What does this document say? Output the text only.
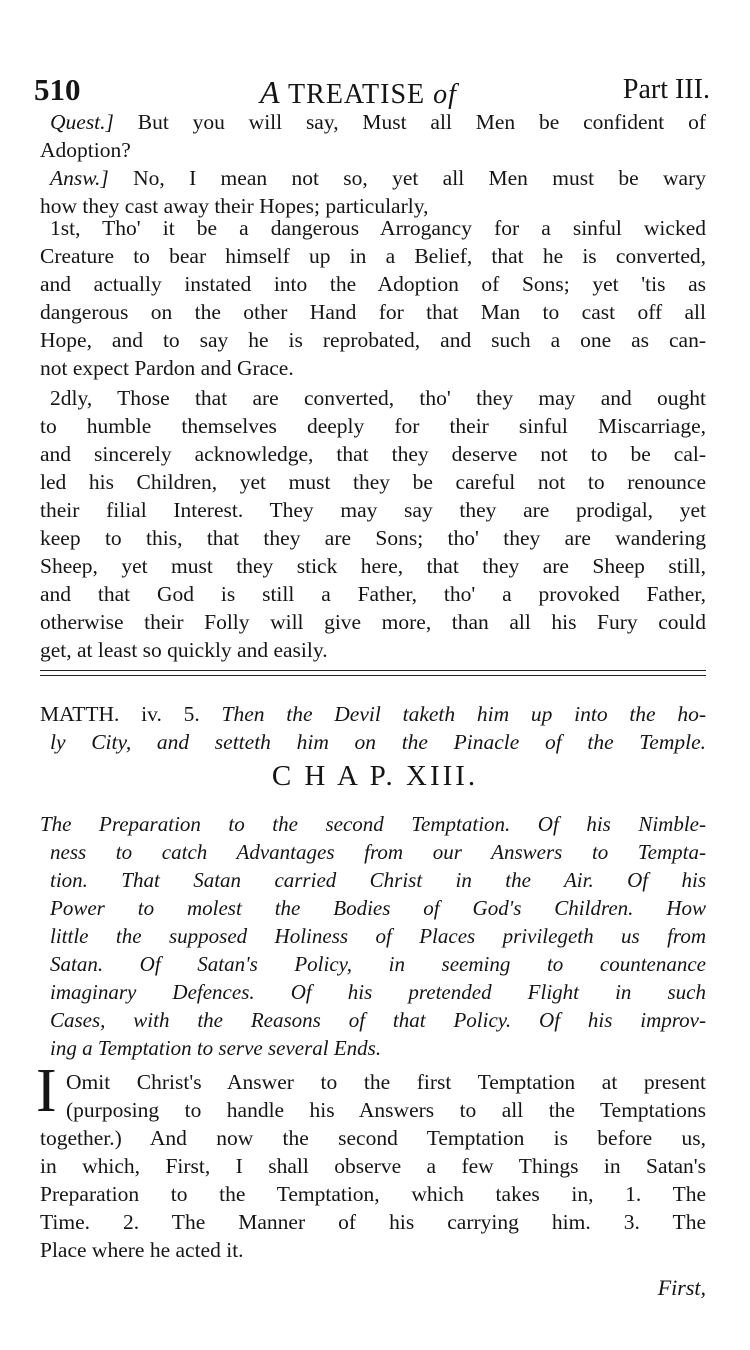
510	A TREATISE of	Part III.
Quest.] But you will say, Must all Men be confident of
Adoption?
Answ.] No, I mean not so, yet all Men must be wary
how they cast away their Hopes; particularly,
1st, Tho' it be a dangerous Arrogancy for a sinful wicked
Creature to bear himself up in a Belief, that he is converted,
and actually instated into the Adoption of Sons; yet 'tis as
dangerous on the other Hand for that Man to cast off all
Hope, and to say he is reprobated, and such a one as can-
not expect Pardon and Grace.
2dly, Those that are converted, tho' they may and ought
to humble themselves deeply for their sinful Miscarriage,
and sincerely acknowledge, that they deserve not to be cal-
led his Children, yet must they be careful not to renounce
their filial Interest. They may say they are prodigal, yet
keep to this, that they are Sons; tho' they are wandering
Sheep, yet must they stick here, that they are Sheep still,
and that God is still a Father, tho' a provoked Father,
otherwise their Folly will give more, than all his Fury could
get, at least so quickly and easily.
MATTH. iv. 5. Then the Devil taketh him up into the ho-
ly City, and setteth him on the Pinacle of the Temple.
C H A P. XIII.
The Preparation to the second Temptation. Of his Nimble-
ness to catch Advantages from our Answers to Tempta-
tion. That Satan carried Christ in the Air. Of his
Power to molest the Bodies of God's Children. How
little the supposed Holiness of Places privilegeth us from
Satan. Of Satan's Policy, in seeming to countenance
imaginary Defences. Of his pretended Flight in such
Cases, with the Reasons of that Policy. Of his improv-
ing a Temptation to serve several Ends.
I Omit Christ's Answer to the first Temptation at present
(purposing to handle his Answers to all the Temptations
together.) And now the second Temptation is before us,
in which, First, I shall observe a few Things in Satan's
Preparation to the Temptation, which takes in, 1. The
Time. 2. The Manner of his carrying him. 3. The
Place where he acted it.
First,
